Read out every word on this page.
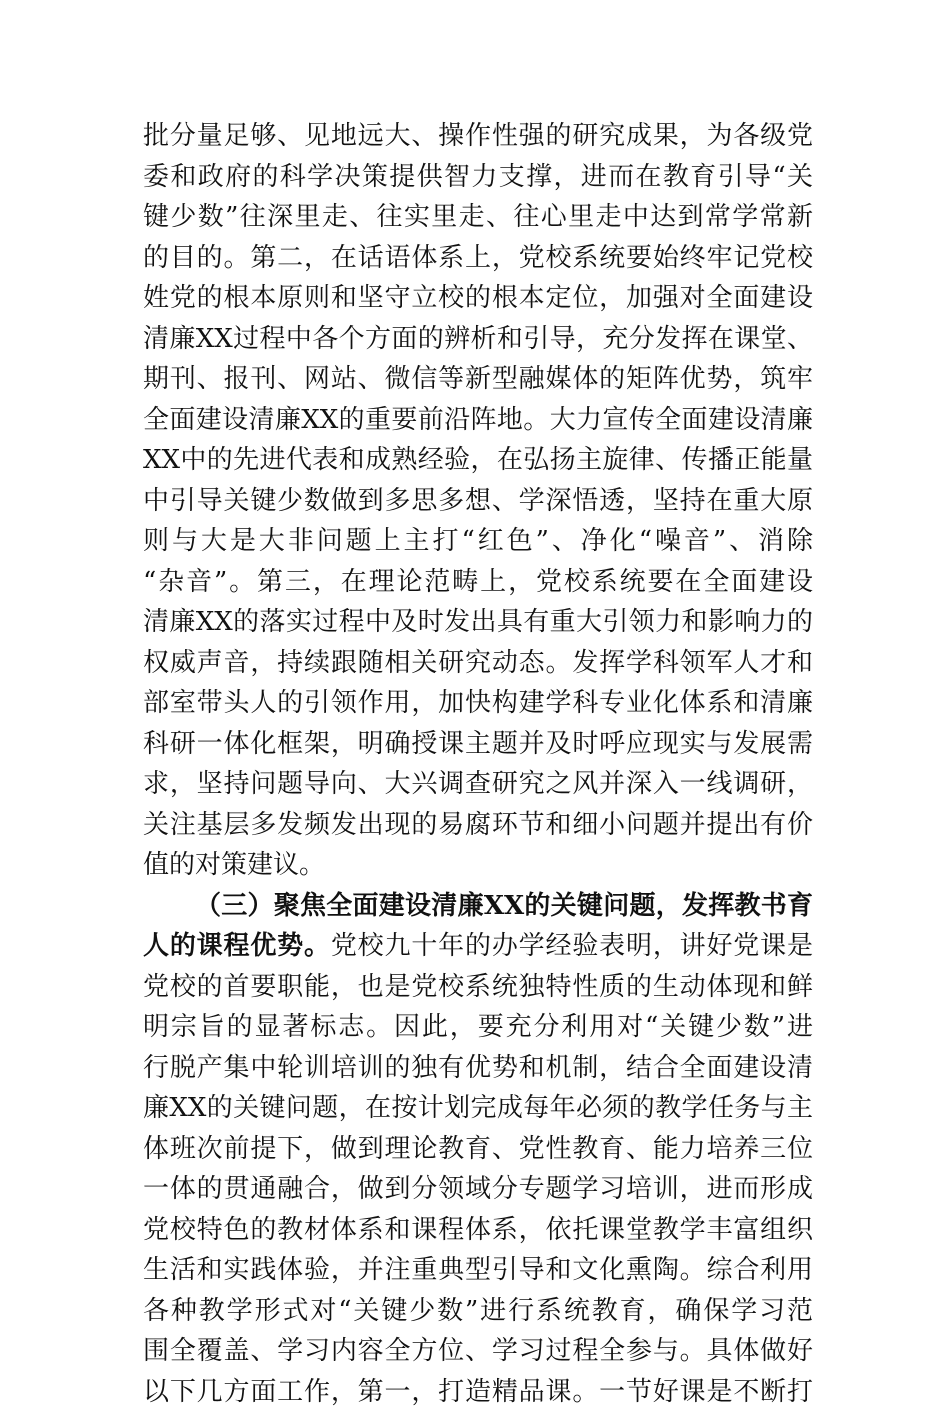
批分量足够、见地远大、操作性强的研究成果，为各级党
委和政府的科学决策提供智力支撑，进而在教育引导“关
键少数”往深里走、往实里走、往心里走中达到常学常新
的目的。第二，在话语体系上，党校系统要始终牢记党校
姓党的根本原则和坚守立校的根本定位，加强对全面建设
清廉XX过程中各个方面的辨析和引导，充分发挥在课堂、
期刊、报刊、网站、微信等新型融媒体的矩阵优势，筑牢
全面建设清廉XX的重要前沿阵地。大力宣传全面建设清廉
XX中的先进代表和成熟经验，在弘扬主旋律、传播正能量
中引导关键少数做到多思多想、学深悟透，坚持在重大原
则与大是大非问题上主打“红色”、净化“噪音”、消除
“杂音”。第三，在理论范畴上，党校系统要在全面建设
清廉XX的落实过程中及时发出具有重大引领力和影响力的
权威声音，持续跟随相关研究动态。发挥学科领军人才和
部室带头人的引领作用，加快构建学科专业化体系和清廉
科研一体化框架，明确授课主题并及时呼应现实与发展需
求，坚持问题导向、大兴调查研究之风并深入一线调研，
关注基层多发频发出现的易腐环节和细小问题并提出有价
值的对策建议。
（三）聚焦全面建设清廉XX的关键问题，发挥教书育
人的课程优势。党校九十年的办学经验表明，讲好党课是
党校的首要职能，也是党校系统独特性质的生动体现和鲜
明宗旨的显著标志。因此，要充分利用对“关键少数”进
行脱产集中轮训培训的独有优势和机制，结合全面建设清
廉XX的关键问题，在按计划完成每年必须的教学任务与主
体班次前提下，做到理论教育、党性教育、能力培养三位
一体的贯通融合，做到分领域分专题学习培训，进而形成
党校特色的教材体系和课程体系，依托课堂教学丰富组织
生活和实践体验，并注重典型引导和文化熏陶。综合利用
各种教学形式对“关键少数”进行系统教育，确保学习范
围全覆盖、学习内容全方位、学习过程全参与。具体做好
以下几方面工作，第一，打造精品课。一节好课是不断打
